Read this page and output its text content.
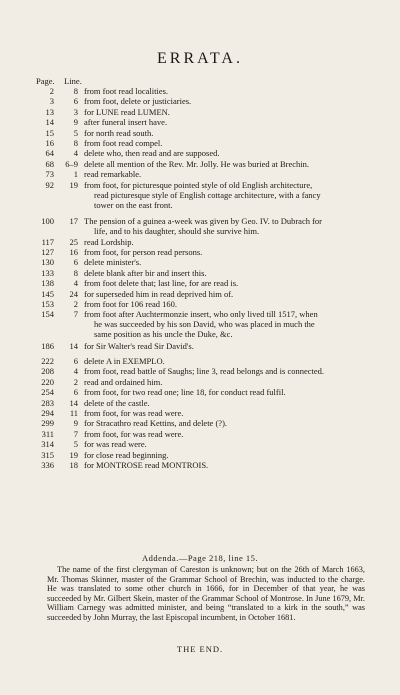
ERRATA.
Page. Line.
2	8 from foot read localities.
3	6 from foot, delete or justiciaries.
13	3 for LUNE read LUMEN.
14	9 after funeral insert have.
15	5 for north read south.
16	8 from foot read compel.
64	4 delete who, then read and are supposed.
68	6–9 delete all mention of the Rev. Mr. Jolly. He was buried at Brechin.
73	1 read remarkable.
92	19 from foot, for picturesque pointed style of old English architecture,
read picturesque style of English cottage architecture, with a fancy
tower on the east front.
100	17 The pension of a guinea a-week was given by Geo. IV. to Dubrach for
life, and to his daughter, should she survive him.
117	25 read Lordship.
127	16 from foot, for person read persons.
130	6 delete minister's.
133	8 delete blank after bir and insert this.
138	4 from foot delete that; last line, for are read is.
145	24 for superseded him in read deprived him of.
153	2 from foot for 106 read 160.
154	7 from foot after Auchtermonzie insert, who only lived till 1517, when
he was succeeded by his son David, who was placed in much the
same position as his uncle the Duke, &c.
186	14 for Sir Walter's read Sir David's.
222	6 delete A in EXEMPLO.
208	4 from foot, read battle of Saughs; line 3, read belongs and is connected.
220	2 read and ordained him.
254	6 from foot, for two read one; line 18, for conduct read fulfil.
283	14 delete of the castle.
294	11 from foot, for was read were.
299	9 for Stracathro read Kettins, and delete (?).
311	7 from foot, for was read were.
314	5 for was read were.
315	19 for close read beginning.
336	18 for MONTROSE read MONTROIS.
Addenda.—Page 218, line 15.
The name of the first clergyman of Careston is unknown; but on the 26th of March 1663, Mr. Thomas Skinner, master of the Grammar School of Brechin, was inducted to the charge. He was translated to some other church in 1666, for in December of that year, he was succeeded by Mr. Gilbert Skein, master of the Grammar School of Montrose. In June 1679, Mr. William Carnegy was admitted minister, and being “translated to a kirk in the south,” was succeeded by John Murray, the last Episcopal incumbent, in October 1681.
THE END.
